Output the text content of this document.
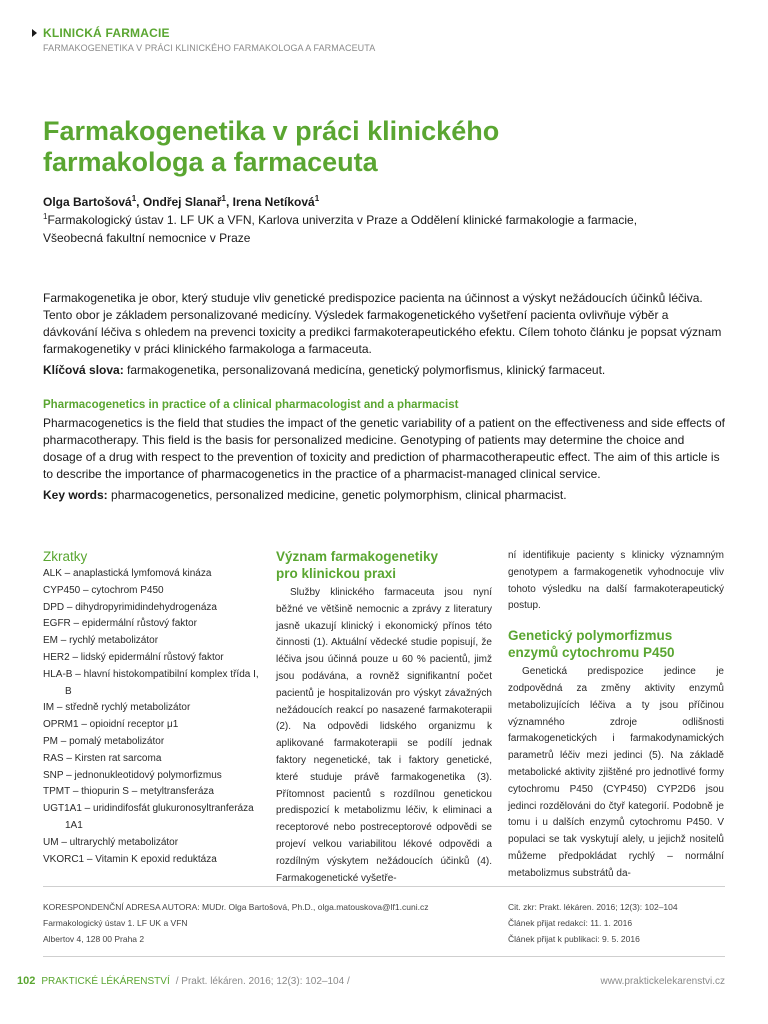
KLINICKÁ FARMACIE
FARMAKOGENETIKA V PRÁCI KLINICKÉHO FARMAKOLOGA A FARMACEUTA
Farmakogenetika v práci klinického
farmakologa a farmaceuta
Olga Bartošová$^1$, Ondřej Slanař$^1$, Irena Netíková$^1$
$^1$Farmakologický ústav 1. LF UK a VFN, Karlova univerzita v Praze a Oddělení klinické farmakologie a farmacie,
Všeobecná fakultní nemocnice v Praze

Farmakogenetika je obor, který studuje vliv genetické predispozice pacienta na účinnost a výskyt nežádoucích účinků léčiva. Tento obor je základem personalizované medicíny. Výsledek farmakogenetického vyšetření pacienta ovlivňuje výběr a dávkování léčiva s ohledem na prevenci toxicity a predikci farmakoterapeutického efektu. Cílem tohoto článku je popsat význam farmakogenetiky v práci klinického farmakologa a farmaceuta.

Klíčová slova: farmakogenetika, personalizovaná medicína, genetický polymorfismus, klinický farmaceut.

Pharmacogenetics in practice of a clinical pharmacologist and a pharmacist

Pharmacogenetics is the field that studies the impact of the genetic variability of a patient on the effectiveness and side effects of pharmacotherapy. This field is the basis for personalized medicine. Genotyping of patients may determine the choice and dosage of a drug with respect to the prevention of toxicity and prediction of pharmacotherapeutic effect. The aim of this article is to describe the importance of pharmacogenetics in the practice of a pharmacist-managed clinical service.

Key words: pharmacogenetics, personalized medicine, genetic polymorphism, clinical pharmacist.

Zkratky
ALK – anaplastická lymfomová kináza
CYP450 – cytochrom P450
DPD – dihydropyrimidindehydrogenáza
EGFR – epidermální růstový faktor
EM – rychlý metabolizátor
HER2 – lidský epidermální růstový faktor
HLA-B – hlavní histokompatibilní komplex třída I, B
IM – středně rychlý metabolizátor
OPRM1 – opioidní receptor μ1
PM – pomalý metabolizátor
RAS – Kirsten rat sarcoma
SNP – jednonukleotidový polymorfizmus
TPMT – thiopurin S – metyltransferáza
UGT1A1 – uridindifosfát glukuronosyltranferáza 1A1
UM – ultrarychlý metabolizátor
VKORC1 – Vitamin K epoxid reduktáza
Význam farmakogenetiky
pro klinickou praxi

Služby klinického farmaceuta jsou nyní běžné ve většině nemocnic a zprávy z literatury jasně ukazují klinický i ekonomický přínos této činnosti (1). Aktuální vědecké studie popisují, že léčiva jsou účinná pouze u 60 % pacientů, jimž jsou podávána, a rovněž signifikantní počet pacientů je hospitalizován pro výskyt závažných nežádoucích reakcí po nasazené farmakoterapii (2). Na odpovědi lidského organizmu k aplikované farmakoterapii se podílí jednak faktory negenetické, tak i faktory genetické, které studuje právě farmakogenetika (3). Přítomnost pacientů s rozdílnou genetickou predispozicí k metabolizmu léčiv, k eliminaci a receptorové nebo postreceptorové odpovědi se projeví velkou variabilitou lékové odpovědi a rozdílným výskytem nežádoucích účinků (4). Farmakogenetické vyšetře-

ní identifikuje pacienty s klinicky významným genotypem a farmakogenetik vyhodnocuje vliv tohoto výsledku na další farmakoterapeutický postup.

Genetický polymorfizmus
enzymů cytochromu P450

Genetická predispozice jedince je zodpovědná za změny aktivity enzymů metabolizujících léčiva a ty jsou příčinou významného zdroje odlišnosti farmakogenetických i farmakodynamických parametrů léčiv mezi jedinci (5). Na základě metabolické aktivity zjištěné pro jednotlivé formy cytochromu P450 (CYP450) CYP2D6 jsou jedinci rozdělováni do čtyř kategorií. Podobně je tomu i u dalších enzymů cytochromu P450. V populaci se tak vyskytují alely, u jejichž nositelů můžeme předpokládat rychlý – normální metabolizmus substrátů da-

KORESPONDENČNÍ ADRESA AUTORA: MUDr. Olga Bartošová, Ph.D., olga.matouskova@lf1.cuni.cz
Farmakologický ústav 1. LF UK a VFN
Albertov 4, 128 00 Praha 2
Cit. zkr: Prakt. lékáren. 2016; 12(3): 102–104
Článek přijat redakcí: 11. 1. 2016
Článek přijat k publikaci: 9. 5. 2016
102 PRAKTICKÉ LÉKÁRENSTVÍ / Prakt. lékáren. 2016; 12(3): 102–104 /	www.praktickelekarenstvi.cz
